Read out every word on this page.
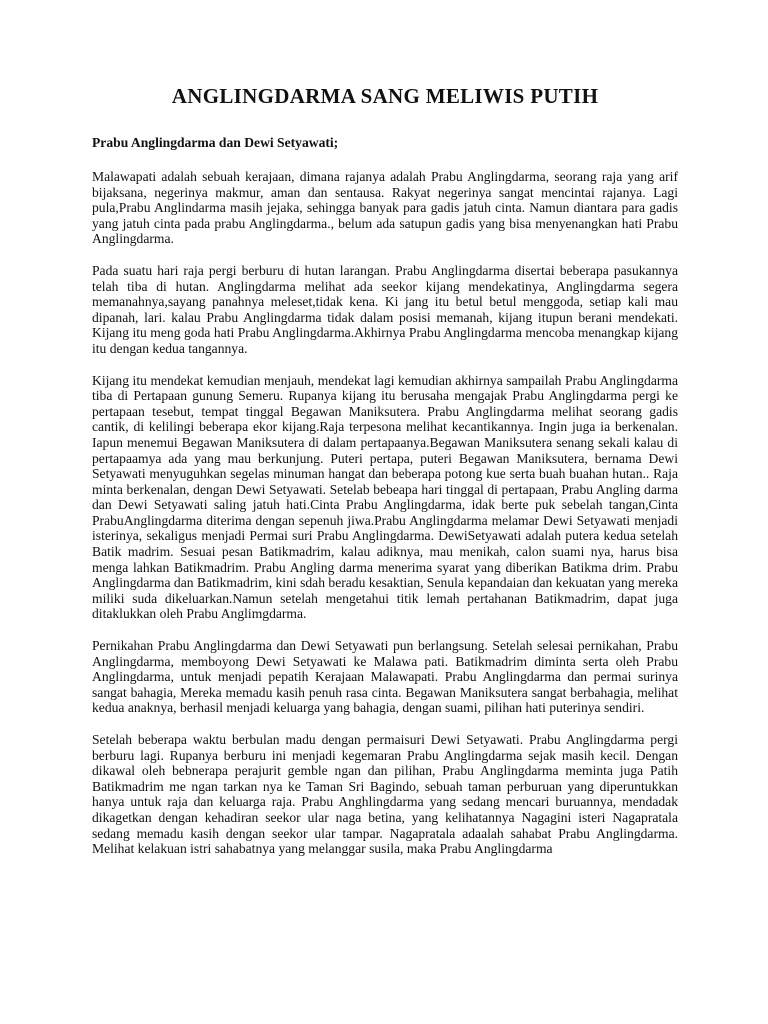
ANGLINGDARMA SANG MELIWIS PUTIH
Prabu Anglingdarma dan Dewi Setyawati;

Malawapati adalah sebuah kerajaan, dimana rajanya adalah Prabu Anglingdarma, seorang raja yang arif bijaksana, negerinya makmur, aman dan sentausa. Rakyat negerinya sangat mencintai rajanya. Lagi pula,Prabu Anglindarma masih jejaka, sehingga banyak para gadis jatuh cinta. Namun diantara para gadis yang jatuh cinta pada prabu Anglingdarma., belum ada satupun gadis yang bisa menyenangkan hati Prabu Anglingdarma.

Pada suatu hari raja pergi berburu di hutan larangan. Prabu Anglingdarma disertai beberapa pasukannya telah tiba di hutan. Anglingdarma melihat ada seekor kijang mendekatinya, Anglingdarma segera memanahnya,sayang panahnya meleset,tidak kena. Ki jang itu betul betul menggoda, setiap kali mau dipanah, lari. kalau Prabu Anglingdarma tidak dalam posisi memanah, kijang itupun berani mendekati. Kijang itu meng goda hati Prabu Anglingdarma.Akhirnya Prabu Anglingdarma mencoba menangkap kijang itu dengan kedua tangannya.

Kijang itu mendekat kemudian menjauh, mendekat lagi kemudian akhirnya sampailah Prabu Anglingdarma tiba di Pertapaan gunung Semeru. Rupanya kijang itu berusaha mengajak Prabu Anglingdarma pergi ke pertapaan tesebut, tempat tinggal Begawan Maniksutera. Prabu Anglingdarma melihat seorang gadis cantik, di kelilingi beberapa ekor kijang.Raja terpesona melihat kecantikannya. Ingin juga ia berkenalan. Iapun menemui Begawan Maniksutera di dalam pertapaanya.Begawan Maniksutera senang sekali kalau di pertapaamya ada yang mau berkunjung. Puteri pertapa, puteri Begawan Maniksutera, bernama Dewi Setyawati menyuguhkan segelas minuman hangat dan beberapa potong kue serta buah buahan hutan.. Raja minta berkenalan, dengan Dewi Setyawati. Setelab bebeapa hari tinggal di pertapaan, Prabu Angling darma dan Dewi Setyawati saling jatuh hati.Cinta Prabu Anglingdarma, idak berte puk sebelah tangan,Cinta PrabuAnglingdarma diterima dengan sepenuh jiwa.Prabu Anglingdarma melamar Dewi Setyawati menjadi isterinya, sekaligus menjadi Permai suri Prabu Anglingdarma. DewiSetyawati adalah putera kedua setelah Batik madrim. Sesuai pesan Batikmadrim, kalau adiknya, mau menikah, calon suami nya, harus bisa menga lahkan Batikmadrim. Prabu Angling darma menerima syarat yang diberikan Batikma drim. Prabu Anglingdarma dan Batikmadrim, kini sdah beradu kesaktian, Senula kepandaian dan kekuatan yang mereka miliki suda dikeluarkan.Namun setelah mengetahui titik lemah pertahanan Batikmadrim, dapat juga ditaklukkan oleh Prabu Anglimgdarma.

Pernikahan Prabu Anglingdarma dan Dewi Setyawati pun berlangsung. Setelah selesai pernikahan, Prabu Anglingdarma, memboyong Dewi Setyawati ke Malawa pati. Batikmadrim diminta serta oleh Prabu Anglingdarma, untuk menjadi pepatih Kerajaan Malawapati. Prabu Anglingdarma dan permai surinya sangat bahagia, Mereka memadu kasih penuh rasa cinta. Begawan Maniksutera sangat berbahagia, melihat kedua anaknya, berhasil menjadi keluarga yang bahagia, dengan suami, pilihan hati puterinya sendiri.

Setelah beberapa waktu berbulan madu dengan permaisuri Dewi Setyawati. Prabu Anglingdarma pergi berburu lagi. Rupanya berburu ini menjadi kegemaran Prabu Anglingdarma sejak masih kecil. Dengan dikawal oleh bebnerapa perajurit gemble ngan dan pilihan, Prabu Anglingdarma meminta juga Patih Batikmadrim me ngan tarkan nya ke Taman Sri Bagindo, sebuah taman perburuan yang diperuntukkan hanya untuk raja dan keluarga raja. Prabu Anghlingdarma yang sedang mencari buruannya, mendadak dikagetkan dengan kehadiran seekor ular naga betina, yang kelihatannya Nagagini isteri Nagapratala sedang memadu kasih dengan seekor ular tampar. Nagapratala adaalah sahabat Prabu Anglingdarma. Melihat kelakuan istri sahabatnya yang melanggar susila, maka Prabu Anglingdarma
